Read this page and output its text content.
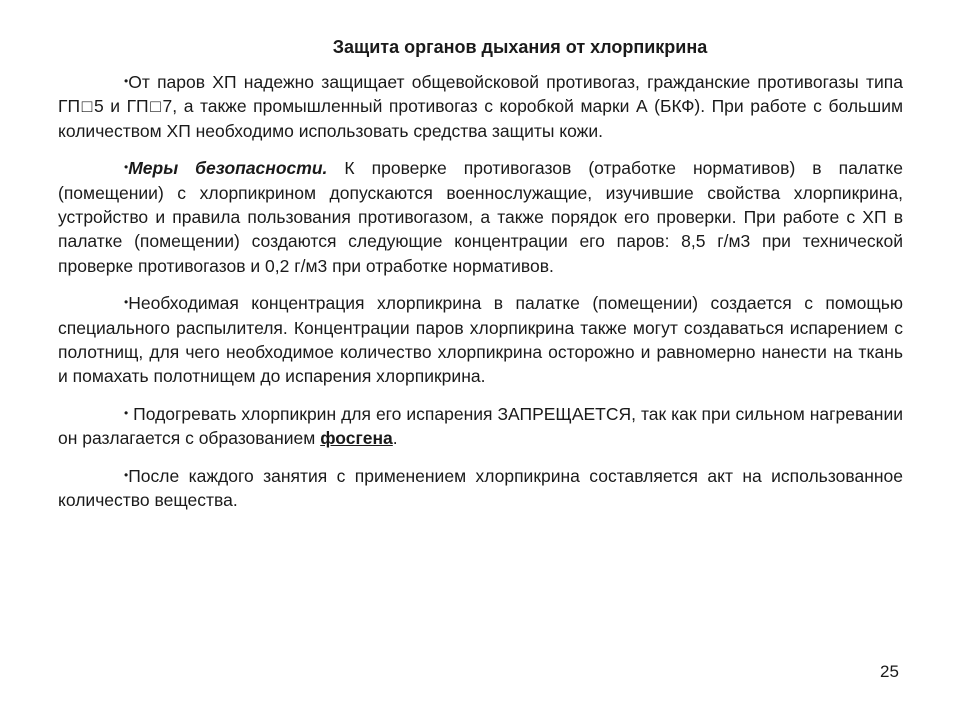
Защита органов дыхания от хлорпикрина

•От паров ХП надежно защищает общевойсковой противогаз, гражданские противогазы типа ГП□5 и ГП□7, а также промышленный противогаз с коробкой марки А (БКФ). При работе с большим количеством ХП необходимо использовать средства защиты кожи.

•Меры безопасности. К проверке противогазов (отработке нормативов) в палатке (помещении) с хлорпикрином допускаются военнослужащие, изучившие свойства хлорпикрина, устройство и правила пользования противогазом, а также порядок его проверки. При работе с ХП в палатке (помещении) создаются следующие концентрации его паров: 8,5 г/м3 при технической проверке противогазов и 0,2 г/м3 при отработке нормативов.

•Необходимая концентрация хлорпикрина в палатке (помещении) создается с помощью специального распылителя. Концентрации паров хлорпикрина также могут создаваться испарением с полотнищ, для чего необходимое количество хлорпикрина осторожно и равномерно нанести на ткань и помахать полотнищем до испарения хлорпикрина.

• Подогревать хлорпикрин для его испарения ЗАПРЕЩАЕТСЯ, так как при сильном нагревании он разлагается с образованием фосгена.

•После каждого занятия с применением хлорпикрина составляется акт на использованное количество вещества.

25
